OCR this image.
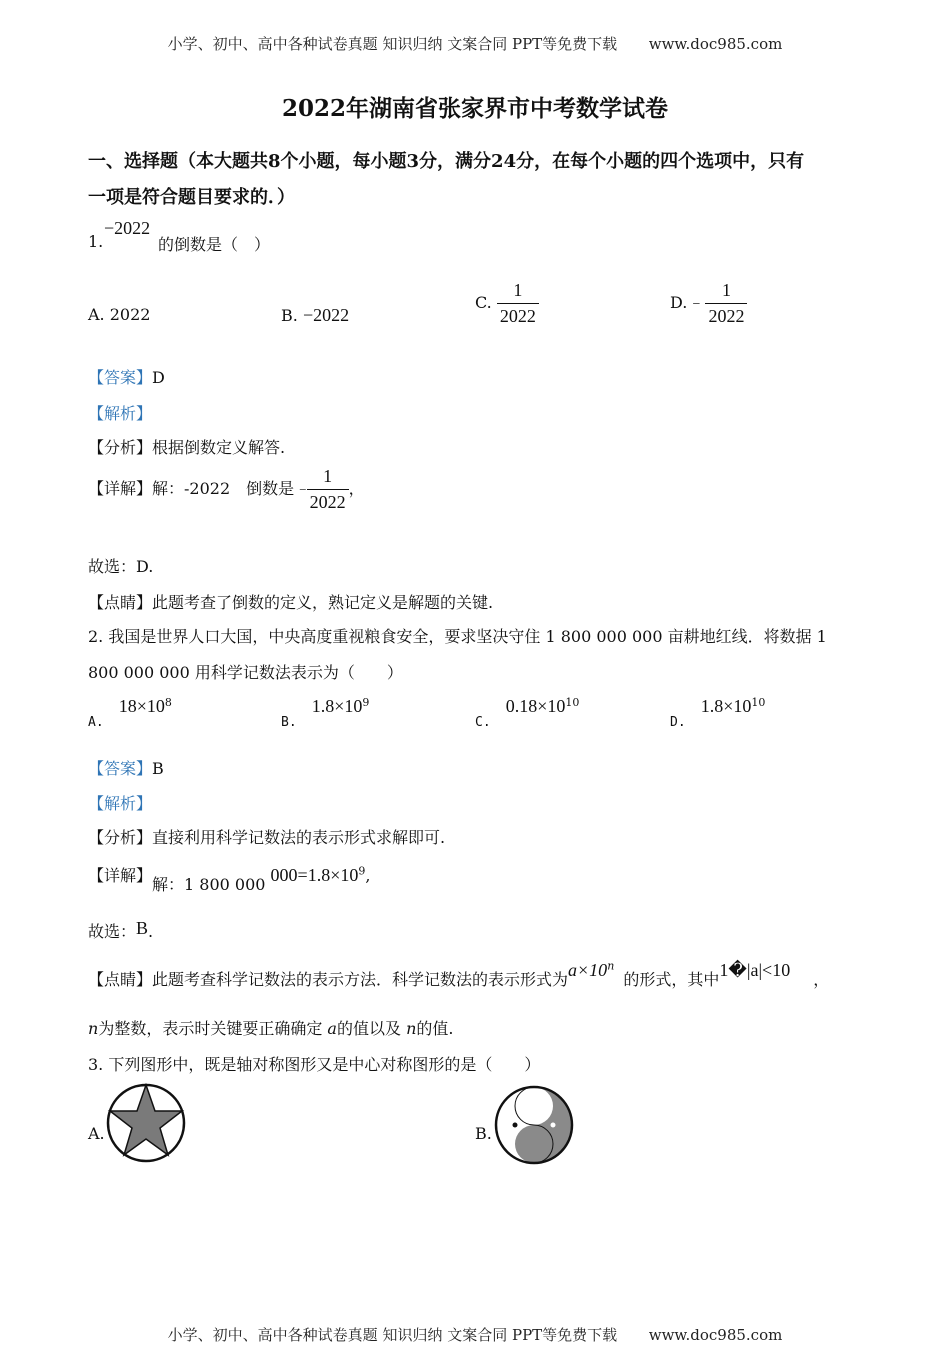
小学、初中、高中各种试卷真题 知识归纳 文案合同 PPT等免费下载 www.doc985.com
2022年湖南省张家界市中考数学试卷
一、选择题（本大题共8个小题，每小题3分，满分24分，在每个小题的四个选项中，只有
一项是符合题目要求的．）
1.
−2022
的倒数是（　）
A. 2022	B. −2022
C. $\frac{1}{2022}$	D. − $\frac{1}{2022}$
【答案】D
【解析】
【分析】根据倒数定义解答.
【详解】解：-2022　倒数是 − $\frac{1}{2022}$ ，
故选：D.
【点睛】此题考查了倒数的定义，熟记定义是解题的关键.
2. 我国是世界人口大国，中央高度重视粮食安全，要求坚决守住 1 800 000 000 亩耕地红线．将数据 1
800 000 000 用科学记数法表示为（　　）
$_{A.}$ $18\times 10^8$
$_{B.}$ $1.8\times 10^9$
$_{C.}$ $0.18\times 10^{10}$
$_{D.}$ $1.8\times 10^{10}$
【答案】B
【解析】
【分析】直接利用科学记数法的表示形式求解即可.
【详解】解：1 800 000 $000=1.8\times 10^9$,
故选：B.
【点睛】此题考查科学记数法的表示方法．科学记数法的表示形式为$a\times 10^n$ 的形式，其中1�|a|<10 ，
n为整数，表示时关键要正确确定 a的值以及 n的值.
3. 下列图形中，既是轴对称图形又是中心对称图形的是（　　）
A.	B.
小学、初中、高中各种试卷真题 知识归纳 文案合同 PPT等免费下载 www.doc985.com
